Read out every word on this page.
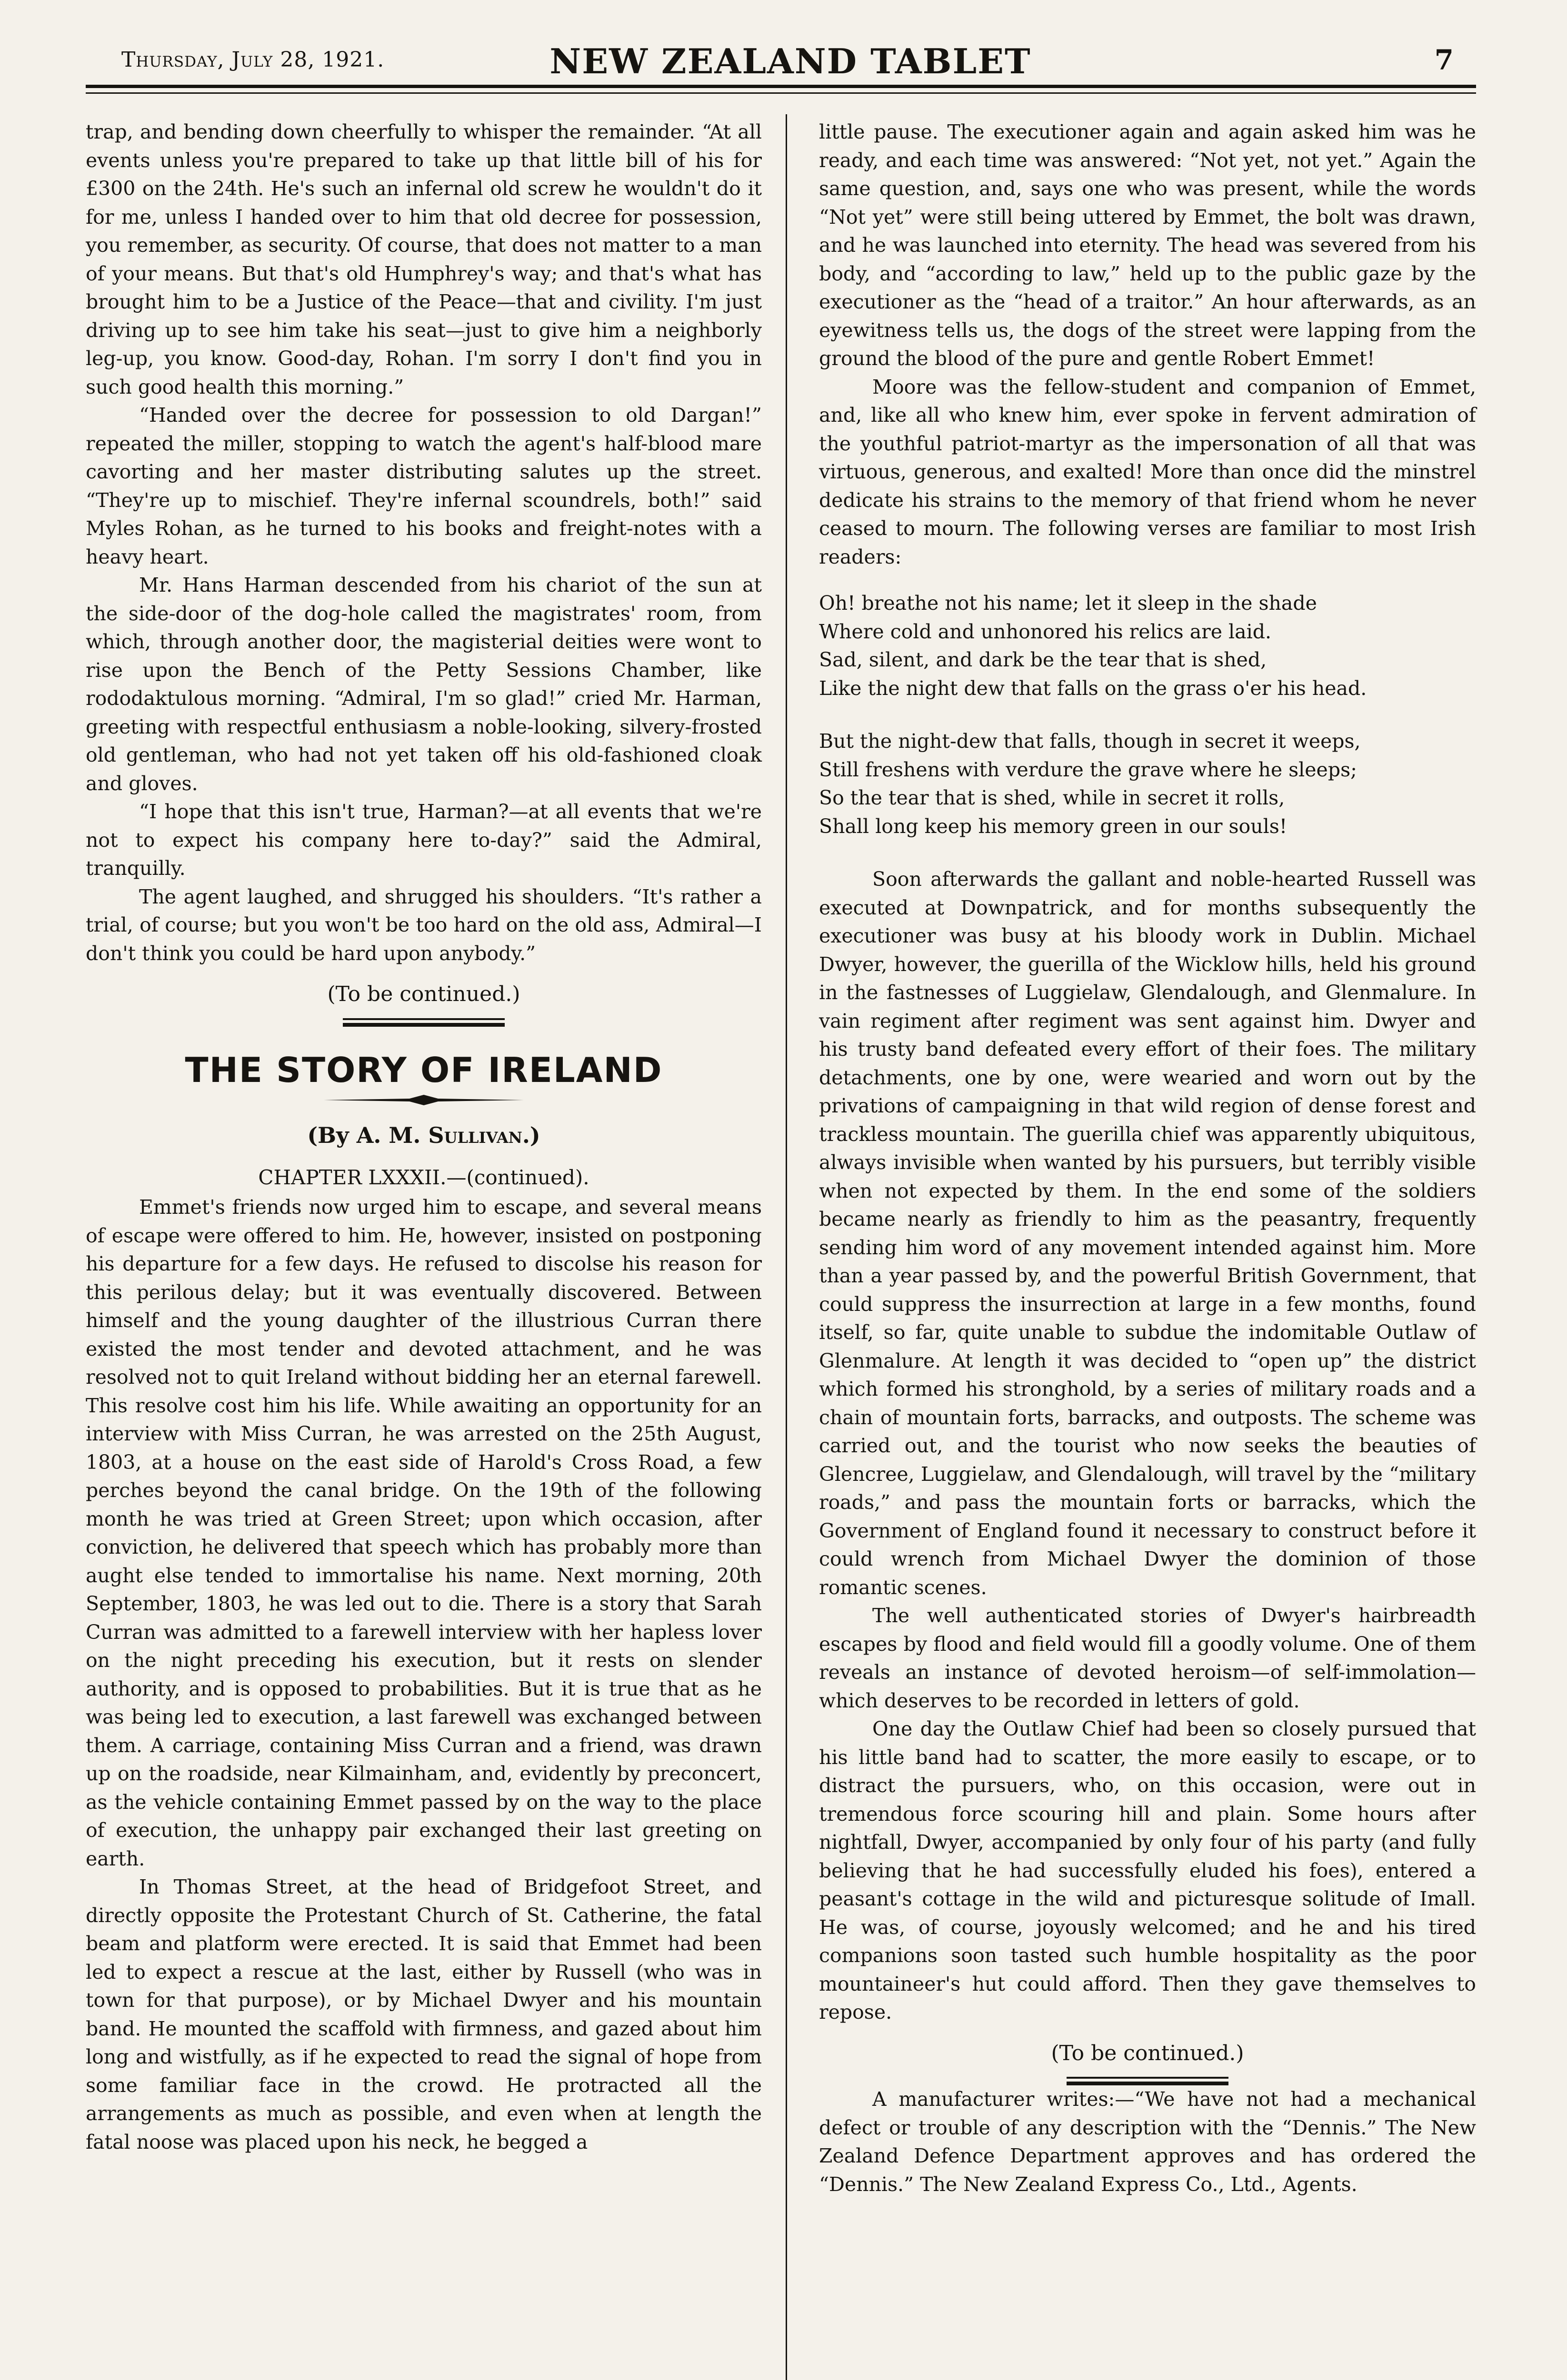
Thursday, July 28, 1921.	NEW ZEALAND TABLET	7

trap, and bending down cheerfully to whisper the remainder. “At all events unless you're prepared to take up that little bill of his for £300 on the 24th. He's such an infernal old screw he wouldn't do it for me, unless I handed over to him that old decree for possession, you remember, as security. Of course, that does not matter to a man of your means. But that's old Humphrey's way; and that's what has brought him to be a Justice of the Peace—that and civility. I'm just driving up to see him take his seat—just to give him a neighborly leg-up, you know. Good-day, Rohan. I'm sorry I don't find you in such good health this morning.”

“Handed over the decree for possession to old Dargan!” repeated the miller, stopping to watch the agent's half-blood mare cavorting and her master distributing salutes up the street. “They're up to mischief. They're infernal scoundrels, both!” said Myles Rohan, as he turned to his books and freight-notes with a heavy heart.

Mr. Hans Harman descended from his chariot of the sun at the side-door of the dog-hole called the magistrates' room, from which, through another door, the magisterial deities were wont to rise upon the Bench of the Petty Sessions Chamber, like rododaktulous morning. “Admiral, I'm so glad!” cried Mr. Harman, greeting with respectful enthusiasm a noble-looking, silvery-frosted old gentleman, who had not yet taken off his old-fashioned cloak and gloves.

“I hope that this isn't true, Harman?—at all events that we're not to expect his company here to-day?” said the Admiral, tranquilly.

The agent laughed, and shrugged his shoulders. “It's rather a trial, of course; but you won't be too hard on the old ass, Admiral—I don't think you could be hard upon anybody.”

(To be continued.)
THE STORY OF IRELAND
(By A. M. Sullivan.)
CHAPTER LXXXII.—(continued).

Emmet's friends now urged him to escape, and several means of escape were offered to him. He, however, insisted on postponing his departure for a few days. He refused to discolse his reason for this perilous delay; but it was eventually discovered. Between himself and the young daughter of the illustrious Curran there existed the most tender and devoted attachment, and he was resolved not to quit Ireland without bidding her an eternal farewell. This resolve cost him his life. While awaiting an opportunity for an interview with Miss Curran, he was arrested on the 25th August, 1803, at a house on the east side of Harold's Cross Road, a few perches beyond the canal bridge. On the 19th of the following month he was tried at Green Street; upon which occasion, after conviction, he delivered that speech which has probably more than aught else tended to immortalise his name. Next morning, 20th September, 1803, he was led out to die. There is a story that Sarah Curran was admitted to a farewell interview with her hapless lover on the night preceding his execution, but it rests on slender authority, and is opposed to probabilities. But it is true that as he was being led to execution, a last farewell was exchanged between them. A carriage, containing Miss Curran and a friend, was drawn up on the roadside, near Kilmainham, and, evidently by preconcert, as the vehicle containing Emmet passed by on the way to the place of execution, the unhappy pair exchanged their last greeting on earth.

In Thomas Street, at the head of Bridgefoot Street, and directly opposite the Protestant Church of St. Catherine, the fatal beam and platform were erected. It is said that Emmet had been led to expect a rescue at the last, either by Russell (who was in town for that purpose), or by Michael Dwyer and his mountain band. He mounted the scaffold with firmness, and gazed about him long and wistfully, as if he expected to read the signal of hope from some familiar face in the crowd. He protracted all the arrangements as much as possible, and even when at length the fatal noose was placed upon his neck, he begged a

little pause. The executioner again and again asked him was he ready, and each time was answered: “Not yet, not yet.” Again the same question, and, says one who was present, while the words “Not yet” were still being uttered by Emmet, the bolt was drawn, and he was launched into eternity. The head was severed from his body, and “according to law,” held up to the public gaze by the executioner as the “head of a traitor.” An hour afterwards, as an eyewitness tells us, the dogs of the street were lapping from the ground the blood of the pure and gentle Robert Emmet!

Moore was the fellow-student and companion of Emmet, and, like all who knew him, ever spoke in fervent admiration of the youthful patriot-martyr as the impersonation of all that was virtuous, generous, and exalted! More than once did the minstrel dedicate his strains to the memory of that friend whom he never ceased to mourn. The following verses are familiar to most Irish readers:

Oh! breathe not his name; let it sleep in the shade
Where cold and unhonored his relics are laid.
Sad, silent, and dark be the tear that is shed,
Like the night dew that falls on the grass o'er his head.
But the night-dew that falls, though in secret it weeps,
Still freshens with verdure the grave where he sleeps;
So the tear that is shed, while in secret it rolls,
Shall long keep his memory green in our souls!

Soon afterwards the gallant and noble-hearted Russell was executed at Downpatrick, and for months subsequently the executioner was busy at his bloody work in Dublin. Michael Dwyer, however, the guerilla of the Wicklow hills, held his ground in the fastnesses of Luggielaw, Glendalough, and Glenmalure. In vain regiment after regiment was sent against him. Dwyer and his trusty band defeated every effort of their foes. The military detachments, one by one, were wearied and worn out by the privations of campaigning in that wild region of dense forest and trackless mountain. The guerilla chief was apparently ubiquitous, always invisible when wanted by his pursuers, but terribly visible when not expected by them. In the end some of the soldiers became nearly as friendly to him as the peasantry, frequently sending him word of any movement intended against him. More than a year passed by, and the powerful British Government, that could suppress the insurrection at large in a few months, found itself, so far, quite unable to subdue the indomitable Outlaw of Glenmalure. At length it was decided to “open up” the district which formed his stronghold, by a series of military roads and a chain of mountain forts, barracks, and outposts. The scheme was carried out, and the tourist who now seeks the beauties of Glencree, Luggielaw, and Glendalough, will travel by the “military roads,” and pass the mountain forts or barracks, which the Government of England found it necessary to construct before it could wrench from Michael Dwyer the dominion of those romantic scenes.

The well authenticated stories of Dwyer's hairbreadth escapes by flood and field would fill a goodly volume. One of them reveals an instance of devoted heroism—of self-immolation—which deserves to be recorded in letters of gold.

One day the Outlaw Chief had been so closely pursued that his little band had to scatter, the more easily to escape, or to distract the pursuers, who, on this occasion, were out in tremendous force scouring hill and plain. Some hours after nightfall, Dwyer, accompanied by only four of his party (and fully believing that he had successfully eluded his foes), entered a peasant's cottage in the wild and picturesque solitude of Imall. He was, of course, joyously welcomed; and he and his tired companions soon tasted such humble hospitality as the poor mountaineer's hut could afford. Then they gave themselves to repose.

(To be continued.)

A manufacturer writes:—“We have not had a mechanical defect or trouble of any description with the “Dennis.” The New Zealand Defence Department approves and has ordered the “Dennis.” The New Zealand Express Co., Ltd., Agents.
